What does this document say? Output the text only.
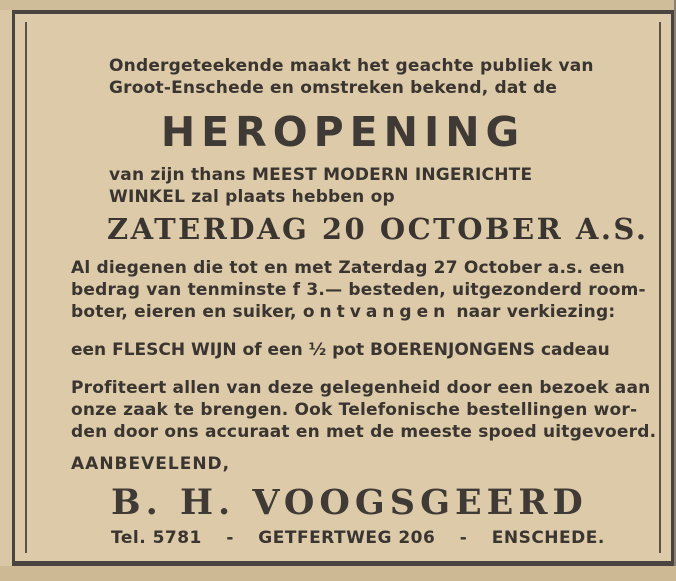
Ondergeteekende maakt het geachte publiek van
Groot-Enschede en omstreken bekend, dat de
HEROPENING
van zijn thans MEEST MODERN INGERICHTE
WINKEL zal plaats hebben op
ZATERDAG 20 OCTOBER A.S.
Al diegenen die tot en met Zaterdag 27 October a.s. een
bedrag van tenminste f 3.— besteden, uitgezonderd room-
boter, eieren en suiker, ontvangen naar verkiezing:
een FLESCH WIJN of een ½ pot BOERENJONGENS cadeau
Profiteert allen van deze gelegenheid door een bezoek aan
onze zaak te brengen. Ook Telefonische bestellingen wor-
den door ons accuraat en met de meeste spoed uitgevoerd.
AANBEVELEND,
B. H. VOOGSGEERD
Tel. 5781 - GETFERTWEG 206 - ENSCHEDE.
